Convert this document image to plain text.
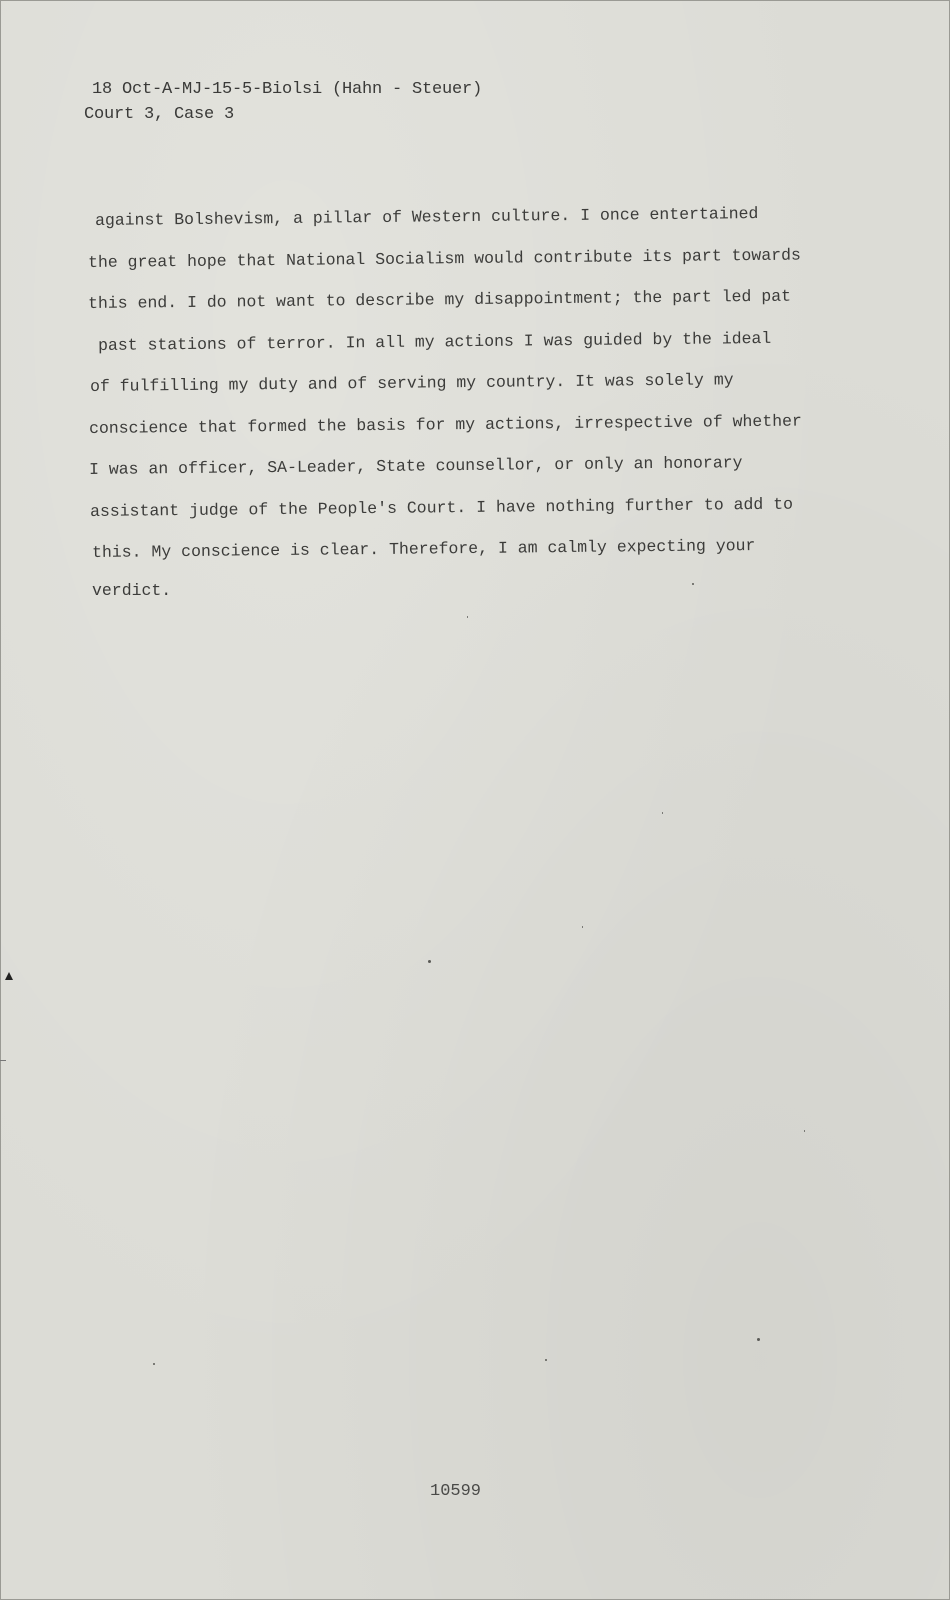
18 Oct-A-MJ-15-5-Biolsi (Hahn - Steuer)
Court 3, Case 3
against Bolshevism, a pillar of Western culture. I once entertained
the great hope that National Socialism would contribute its part towards
this end. I do not want to describe my disappointment; the part led pat
past stations of terror. In all my actions I was guided by the ideal
of fulfilling my duty and of serving my country. It was solely my
conscience that formed the basis for my actions, irrespective of whether
I was an officer, SA-Leader, State counsellor, or only an honorary
assistant judge of the People's Court. I have nothing further to add to
this. My conscience is clear. Therefore, I am calmly expecting your
verdict.
10599
